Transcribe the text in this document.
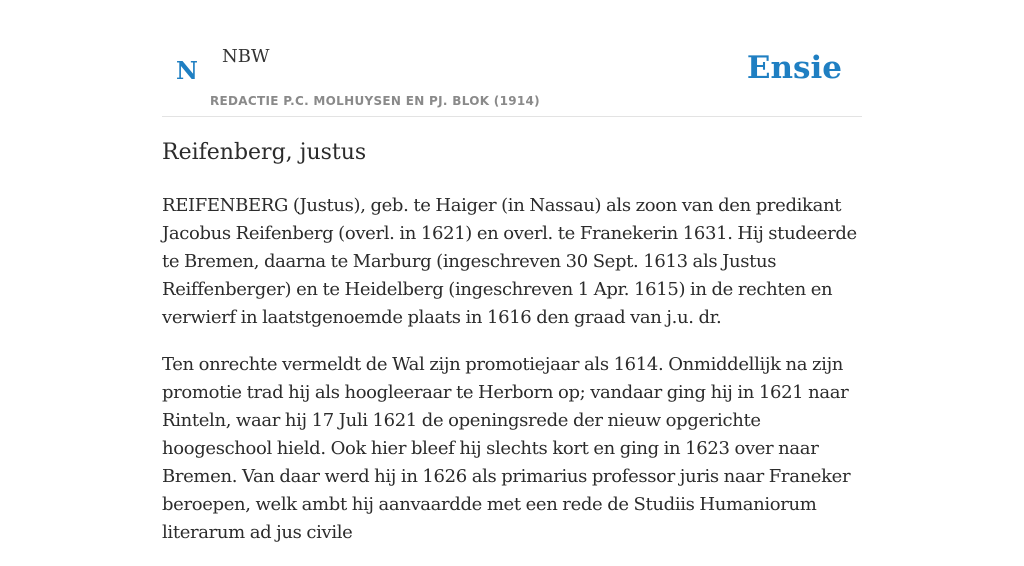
N NBW
REDACTIE P.C. MOLHUYSEN EN PJ. BLOK (1914)
Ensie
Reifenberg, justus

REIFENBERG (Justus), geb. te Haiger (in Nassau) als zoon van den predikant Jacobus Reifenberg (overl. in 1621) en overl. te Franekerin 1631. Hij studeerde te Bremen, daarna te Marburg (ingeschreven 30 Sept. 1613 als Justus Reiffenberger) en te Heidelberg (ingeschreven 1 Apr. 1615) in de rechten en verwierf in laatstgenoemde plaats in 1616 den graad van j.u. dr.

Ten onrechte vermeldt de Wal zijn promotiejaar als 1614. Onmiddellijk na zijn promotie trad hij als hoogleeraar te Herborn op; vandaar ging hij in 1621 naar Rinteln, waar hij 17 Juli 1621 de openingsrede der nieuw opgerichte hoogeschool hield. Ook hier bleef hij slechts kort en ging in 1623 over naar Bremen. Van daar werd hij in 1626 als primarius professor juris naar Franeker beroepen, welk ambt hij aanvaardde met een rede de Studiis Humaniorum literarum ad jus civile
